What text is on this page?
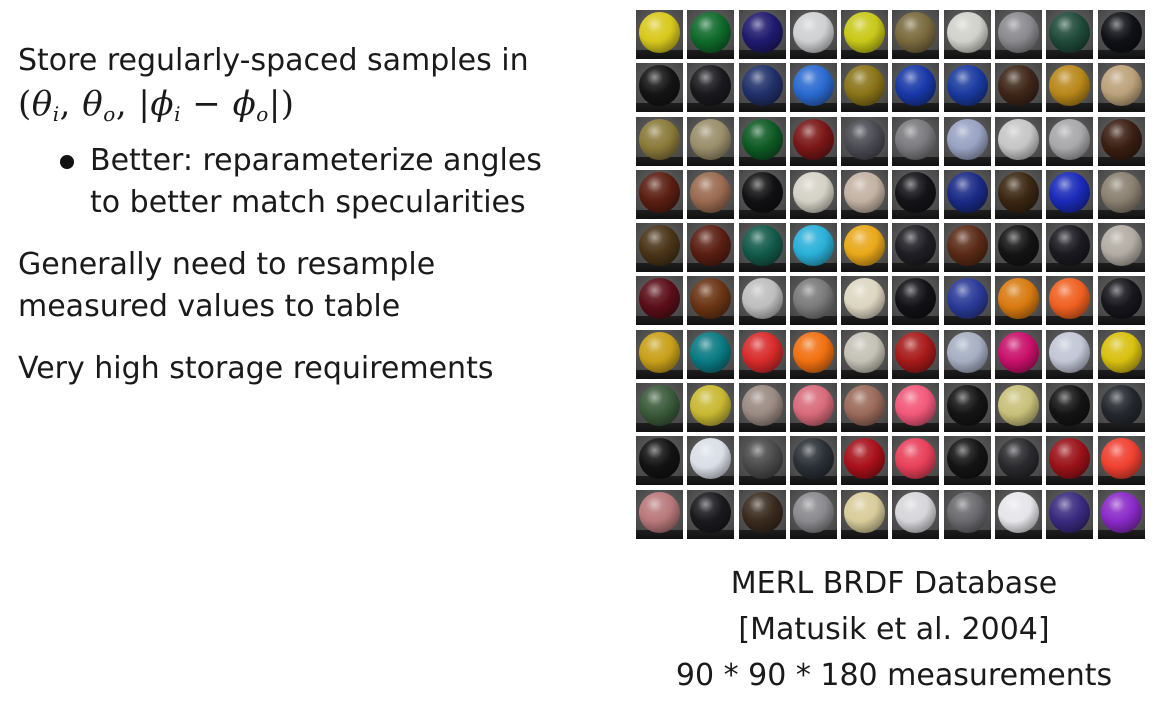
Store regularly-spaced samples in

($\theta_i$, $\theta_o$, $|\phi_i - \phi_o|$)

Better: reparameterize angles
to better match specularities

Generally need to resample

measured values to table

Very high storage requirements

MERL BRDF Database
[Matusik et al. 2004]
90 * 90 * 180 measurements
